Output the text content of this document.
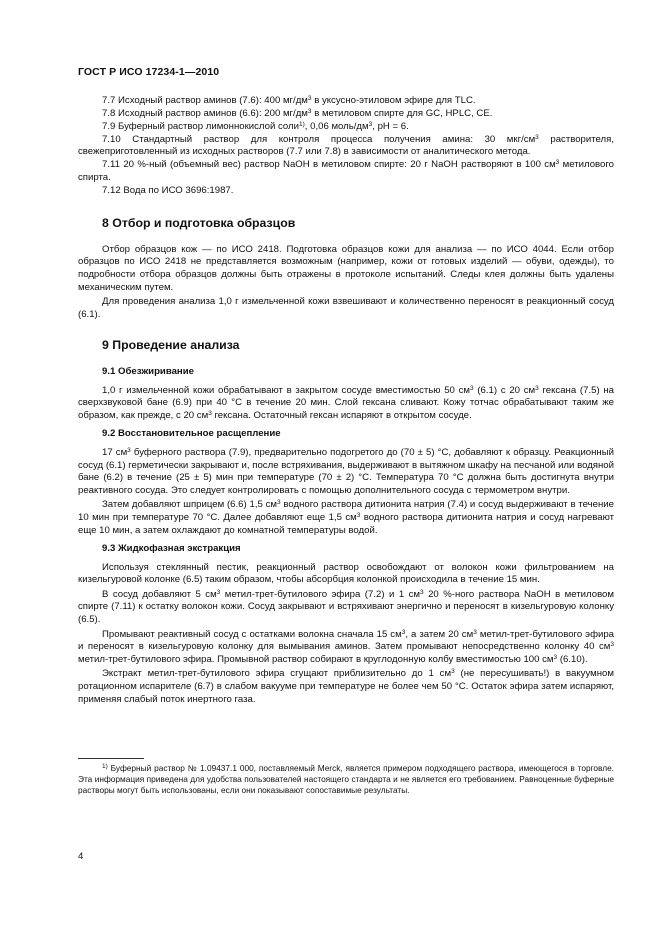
ГОСТ Р ИСО 17234-1—2010

7.7 Исходный раствор аминов (7.6): 400 $мг/дм^3$ в уксусно-этиловом эфире для TLC.

7.8 Исходный раствор аминов (6.6): 200 $мг/дм^3$ в метиловом спирте для GC, HPLC, CE.

7.9 Буферный раствор лимоннокислой соли$^{1)}$, 0,06 моль/$дм^3$, pH = 6.

7.10 Стандартный раствор для контроля процесса получения амина: 30 мкг/$см^3$ растворителя, свежеприготовленный из исходных растворов (7.7 или 7.8) в зависимости от аналитического метода.

7.11 20 %-ный (объемный вес) раствор NaOH в метиловом спирте: 20 г NaOH растворяют в 100 $см^3$ метилового спирта.

7.12 Вода по ИСО 3696:1987.

8 Отбор и подготовка образцов

Отбор образцов кож — по ИСО 2418. Подготовка образцов кожи для анализа — по ИСО 4044. Если отбор образцов по ИСО 2418 не представляется возможным (например, кожи от готовых изделий — обуви, одежды), то подробности отбора образцов должны быть отражены в протоколе испытаний. Следы клея должны быть удалены механическим путем.

Для проведения анализа 1,0 г измельченной кожи взвешивают и количественно переносят в реакционный сосуд (6.1).

9 Проведение анализа
9.1 Обезжиривание

1,0 г измельченной кожи обрабатывают в закрытом сосуде вместимостью 50 $см^3$ (6.1) с 20 $см^3$ гексана (7.5) на сверхзвуковой бане (6.9) при 40 °С в течение 20 мин. Слой гексана сливают. Кожу тотчас обрабатывают таким же образом, как прежде, с 20 $см^3$ гексана. Остаточный гексан испаряют в открытом сосуде.

9.2 Восстановительное расщепление

17 $см^3$ буферного раствора (7.9), предварительно подогретого до (70 ± 5) °С, добавляют к образцу. Реакционный сосуд (6.1) герметически закрывают и, после встряхивания, выдерживают в вытяжном шкафу на песчаной или водяной бане (6.2) в течение (25 ± 5) мин при температуре (70 ± 2) °С. Температура 70 °С должна быть достигнута внутри реактивного сосуда. Это следует контролировать с помощью дополнительного сосуда с термометром внутри.

Затем добавляют шприцем (6.6) 1,5 $см^3$ водного раствора дитионита натрия (7.4) и сосуд выдерживают в течение 10 мин при температуре 70 °С. Далее добавляют еще 1,5 $см^3$ водного раствора дитионита натрия и сосуд нагревают еще 10 мин, а затем охлаждают до комнатной температуры водой.

9.3 Жидкофазная экстракция

Используя стеклянный пестик, реакционный раствор освобождают от волокон кожи фильтрованием на кизельгуровой колонке (6.5) таким образом, чтобы абсорбция колонкой происходила в течение 15 мин.

В сосуд добавляют 5 $см^3$ метил-трет-бутилового эфира (7.2) и 1 $см^3$ 20 %-ного раствора NaOH в метиловом спирте (7.11) к остатку волокон кожи. Сосуд закрывают и встряхивают энергично и переносят в кизельгуровую колонку (6.5).

Промывают реактивный сосуд с остатками волокна сначала 15 $см^3$, а затем 20 $см^3$ метил-трет-бутилового эфира и переносят в кизельгуровую колонку для вымывания аминов. Затем промывают непосредственно колонку 40 $см^3$ метил-трет-бутилового эфира. Промывной раствор собирают в круглодонную колбу вместимостью 100 $см^3$ (6.10).

Экстракт метил-трет-бутилового эфира сгущают приблизительно до 1 $см^3$ (не пересушивать!) в вакуумном ротационном испарителе (6.7) в слабом вакууме при температуре не более чем 50 °С. Остаток эфира затем испаряют, применяя слабый поток инертного газа.

$^{1)}$ Буферный раствор № 1.09437.1 000, поставляемый Merck, является примером подходящего раствора, имеющегося в торговле. Эта информация приведена для удобства пользователей настоящего стандарта и не является его требованием. Равноценные буферные растворы могут быть использованы, если они показывают сопоставимые результаты.

4
